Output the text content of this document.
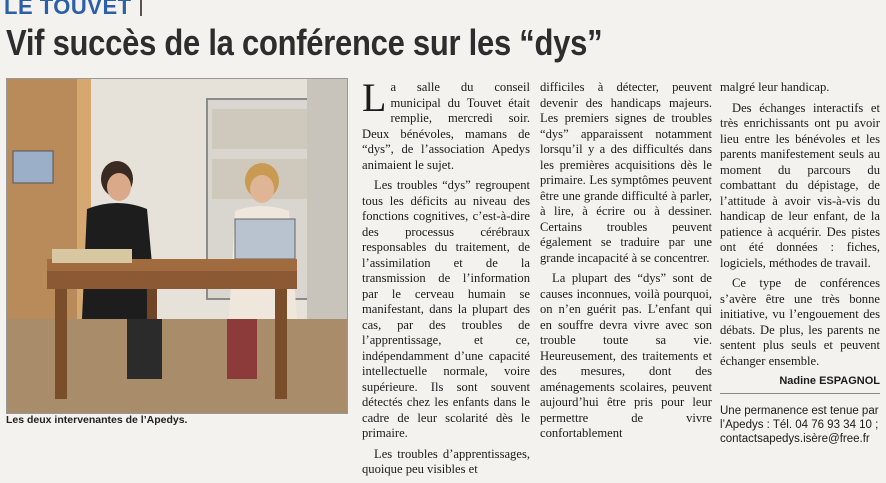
LE TOUVET
Vif succès de la conférence sur les “dys”
Les deux intervenantes de l’Apedys.

La salle du conseil municipal du Touvet était remplie, mercredi soir. Deux bénévoles, mamans de “dys”, de l’association Apedys animaient le sujet.

Les troubles “dys” regroupent tous les déficits au niveau des fonctions cognitives, c’est-à-dire des processus cérébraux responsables du traitement, de l’assimilation et de la transmission de l’information par le cerveau humain se manifestant, dans la plupart des cas, par des troubles de l’apprentissage, et ce, indépendamment d’une capacité intellectuelle normale, voire supérieure. Ils sont souvent détectés chez les enfants dans le cadre de leur scolarité dès le primaire.

Les troubles d’apprentissages, quoique peu visibles et

difficiles à détecter, peuvent devenir des handicaps majeurs. Les premiers signes de troubles “dys” apparaissent notamment lorsqu’il y a des difficultés dans les premières acquisitions dès le primaire. Les symptômes peuvent être une grande difficulté à parler, à lire, à écrire ou à dessiner. Certains troubles peuvent également se traduire par une grande incapacité à se concentrer.

La plupart des “dys” sont de causes inconnues, voilà pourquoi, on n’en guérit pas. L’enfant qui en souffre devra vivre avec son trouble toute sa vie. Heureusement, des traitements et des mesures, dont des aménagements scolaires, peuvent aujourd’hui être pris pour leur permettre de vivre confortablement

malgré leur handicap.

Des échanges interactifs et très enrichissants ont pu avoir lieu entre les bénévoles et les parents manifestement seuls au moment du parcours du combattant du dépistage, de l’attitude à avoir vis-à-vis du handicap de leur enfant, de la patience à acquérir. Des pistes ont été données : fiches, logiciels, méthodes de travail.

Ce type de conférences s’avère être une très bonne initiative, vu l’engouement des débats. De plus, les parents ne sentent plus seuls et peuvent échanger ensemble.

Nadine ESPAGNOL
Une permanence est tenue par l’Apedys : Tél. 04 76 93 34 10 ; contactsapedys.isère@free.fr
